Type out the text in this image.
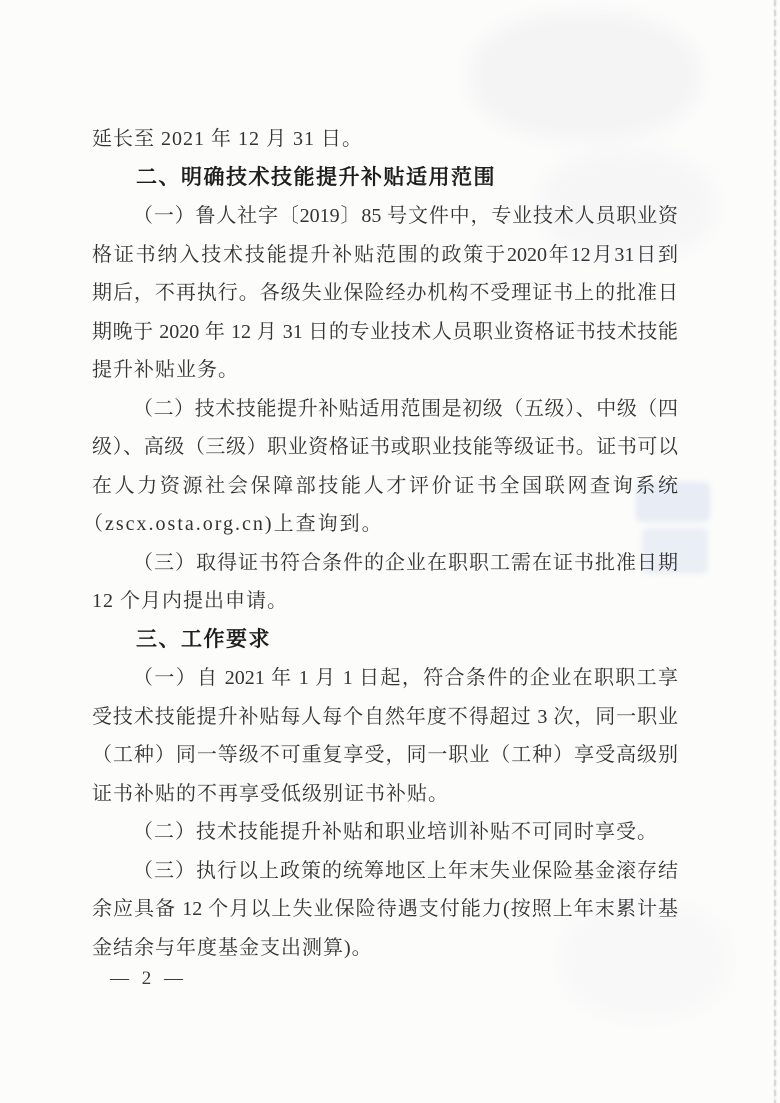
延长至 2021 年 12 月 31 日。
二、明确技术技能提升补贴适用范围
（一）鲁人社字〔2019〕85 号文件中，专业技术人员职业资
格证书纳入技术技能提升补贴范围的政策于2020年12月31日到
期后，不再执行。各级失业保险经办机构不受理证书上的批准日
期晚于 2020 年 12 月 31 日的专业技术人员职业资格证书技术技能
提升补贴业务。
（二）技术技能提升补贴适用范围是初级（五级）、中级（四
级）、高级（三级）职业资格证书或职业技能等级证书。证书可以
在人力资源社会保障部技能人才评价证书全国联网查询系统
（zscx.osta.org.cn)上查询到。
（三）取得证书符合条件的企业在职职工需在证书批准日期
12 个月内提出申请。
三、工作要求
（一）自 2021 年 1 月 1 日起，符合条件的企业在职职工享
受技术技能提升补贴每人每个自然年度不得超过 3 次，同一职业
（工种）同一等级不可重复享受，同一职业（工种）享受高级别
证书补贴的不再享受低级别证书补贴。
（二）技术技能提升补贴和职业培训补贴不可同时享受。
（三）执行以上政策的统筹地区上年末失业保险基金滚存结
余应具备 12 个月以上失业保险待遇支付能力(按照上年末累计基
金结余与年度基金支出测算)。
— 2 —
